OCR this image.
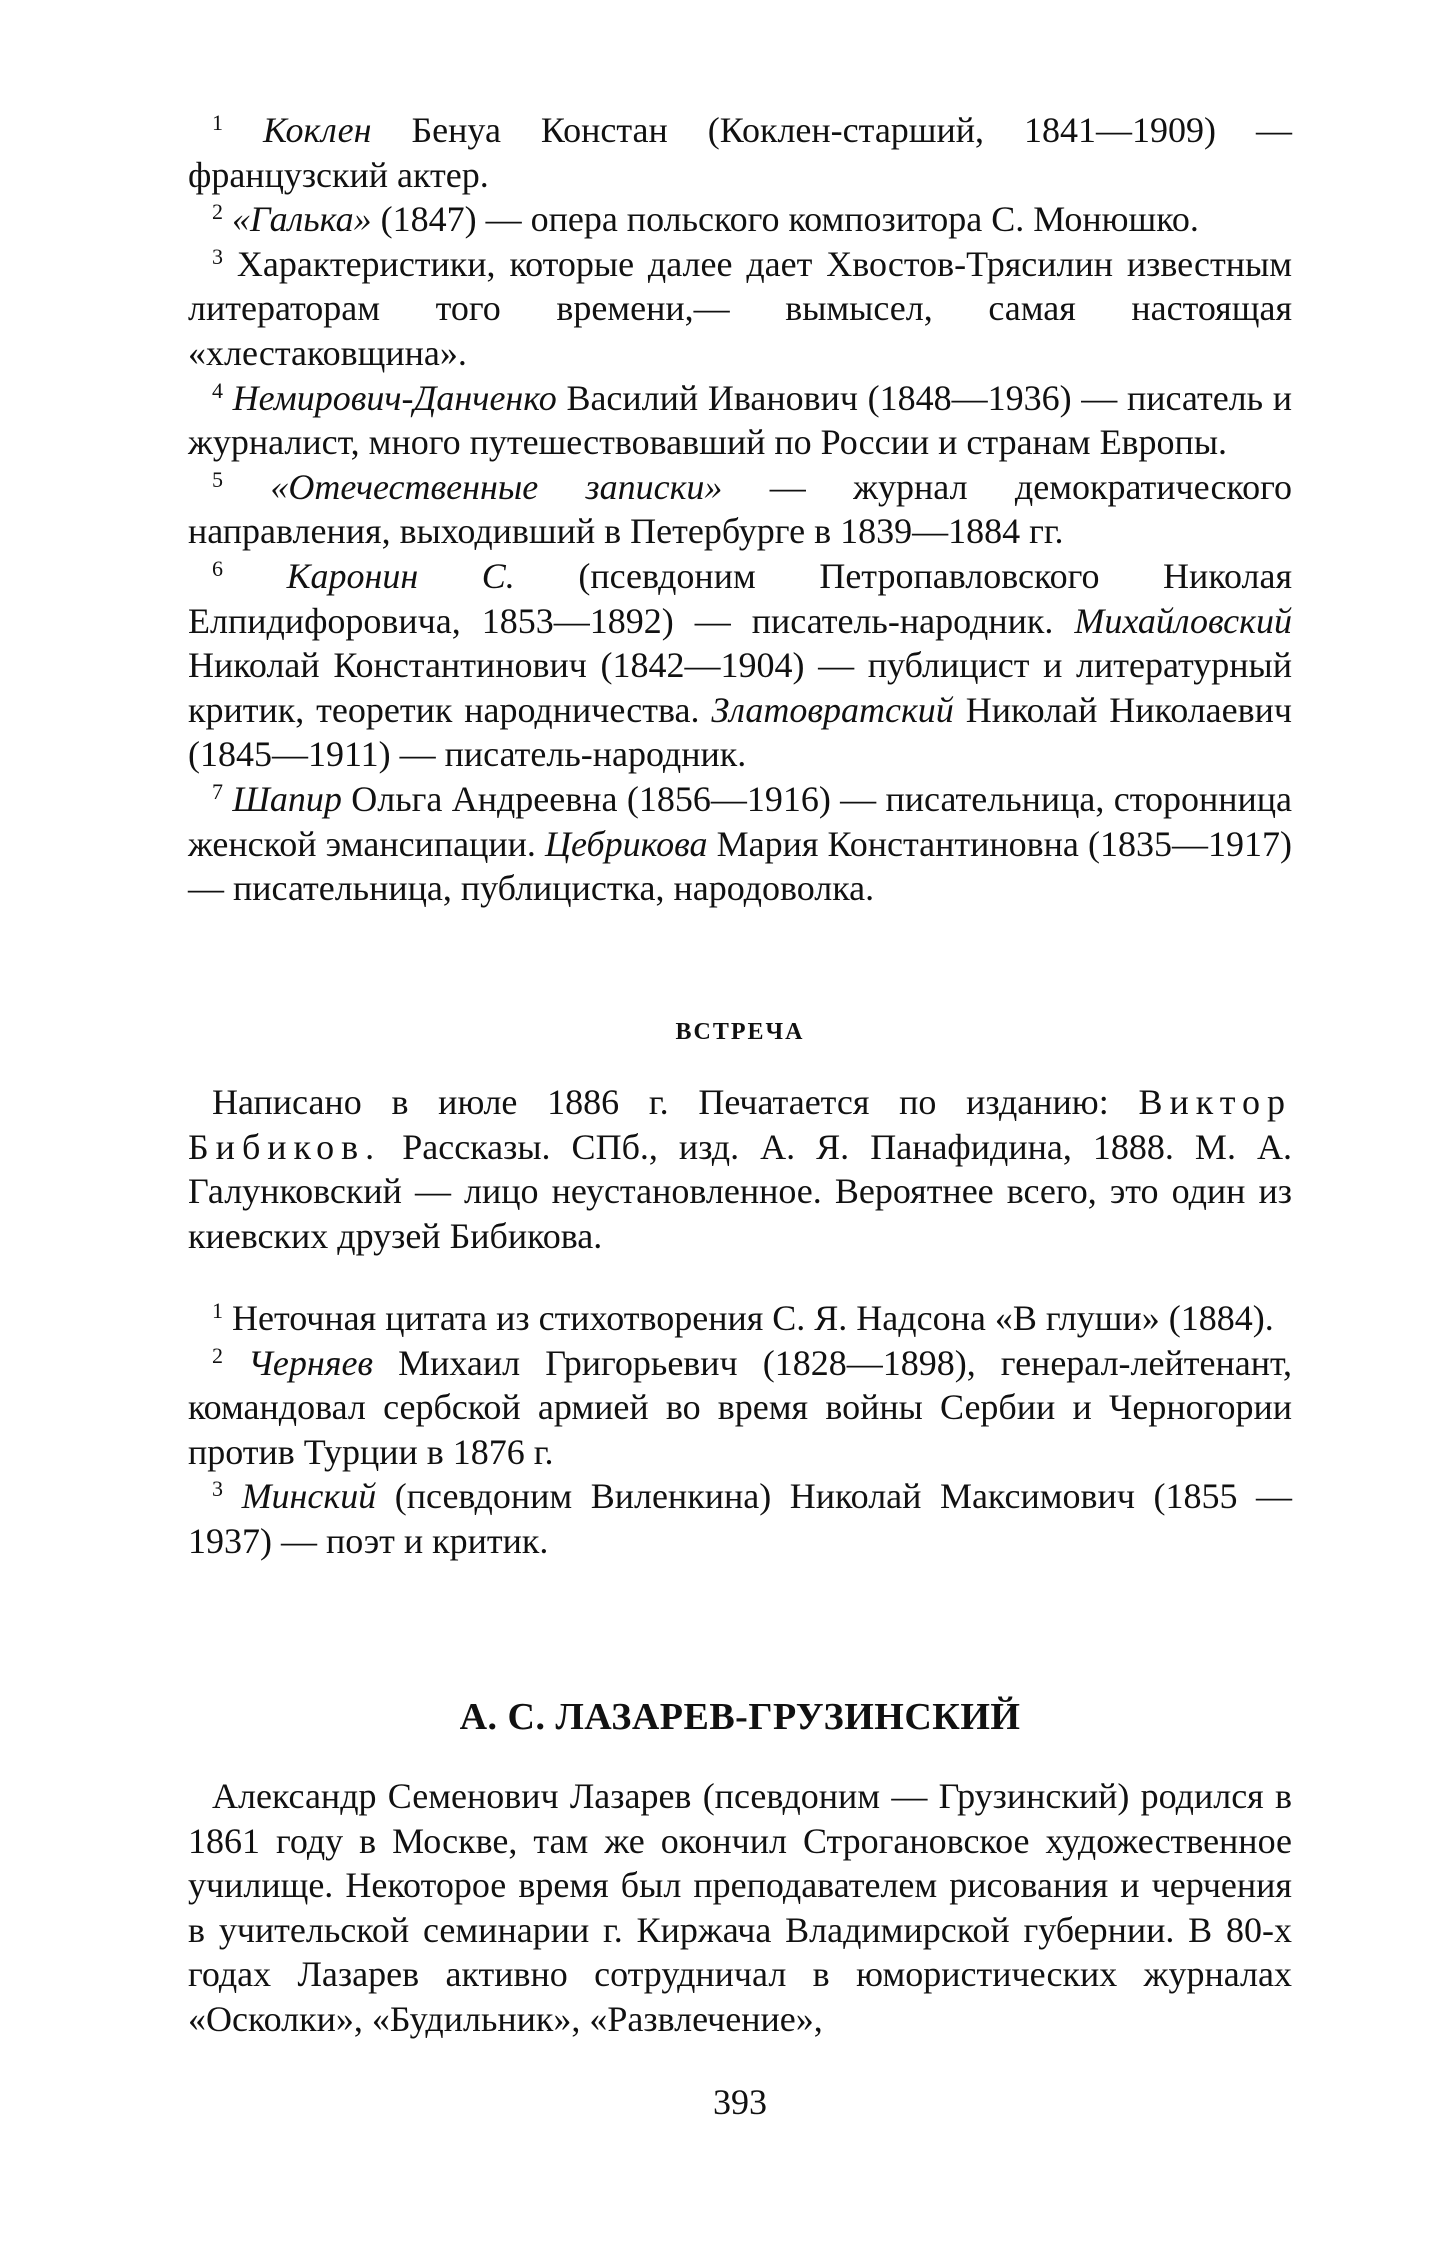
$^1$ Коклен Бенуа Констан (Коклен-старший, 1841—1909) — французский актер.

$^2$ «Галька» (1847) — опера польского композитора С. Монюшко.

$^3$ Характеристики, которые далее дает Хвостов-Трясилин известным литераторам того времени,— вымысел, самая настоящая «хлестаковщина».

$^4$ Немирович-Данченко Василий Иванович (1848—1936) — писатель и журналист, много путешествовавший по России и странам Европы.

$^5$ «Отечественные записки» — журнал демократического направления, выходивший в Петербурге в 1839—1884 гг.

$^6$ Каронин С. (псевдоним Петропавловского Николая Елпидифоровича, 1853—1892) — писатель-народник. Михайловский Николай Константинович (1842—1904) — публицист и литературный критик, теоретик народничества. Златовратский Николай Николаевич (1845—1911) — писатель-народник.

$^7$ Шапир Ольга Андреевна (1856—1916) — писательница, сторонница женской эмансипации. Цебрикова Мария Константиновна (1835—1917) — писательница, публицистка, народоволка.

ВСТРЕЧА

Написано в июле 1886 г. Печатается по изданию: Виктор Бибиков. Рассказы. СПб., изд. А. Я. Панафидина, 1888. М. А. Галунковский — лицо неустановленное. Вероятнее всего, это один из киевских друзей Бибикова.

$^1$ Неточная цитата из стихотворения С. Я. Надсона «В глуши» (1884).

$^2$ Черняев Михаил Григорьевич (1828—1898), генерал-лейтенант, командовал сербской армией во время войны Сербии и Черногории против Турции в 1876 г.

$^3$ Минский (псевдоним Виленкина) Николай Максимович (1855 — 1937) — поэт и критик.

А. С. ЛАЗАРЕВ-ГРУЗИНСКИЙ

Александр Семенович Лазарев (псевдоним — Грузинский) родился в 1861 году в Москве, там же окончил Строгановское художественное училище. Некоторое время был преподавателем рисования и черчения в учительской семинарии г. Киржача Владимирской губернии. В 80-х годах Лазарев активно сотрудничал в юмористических журналах «Осколки», «Будильник», «Развлечение»,

393
